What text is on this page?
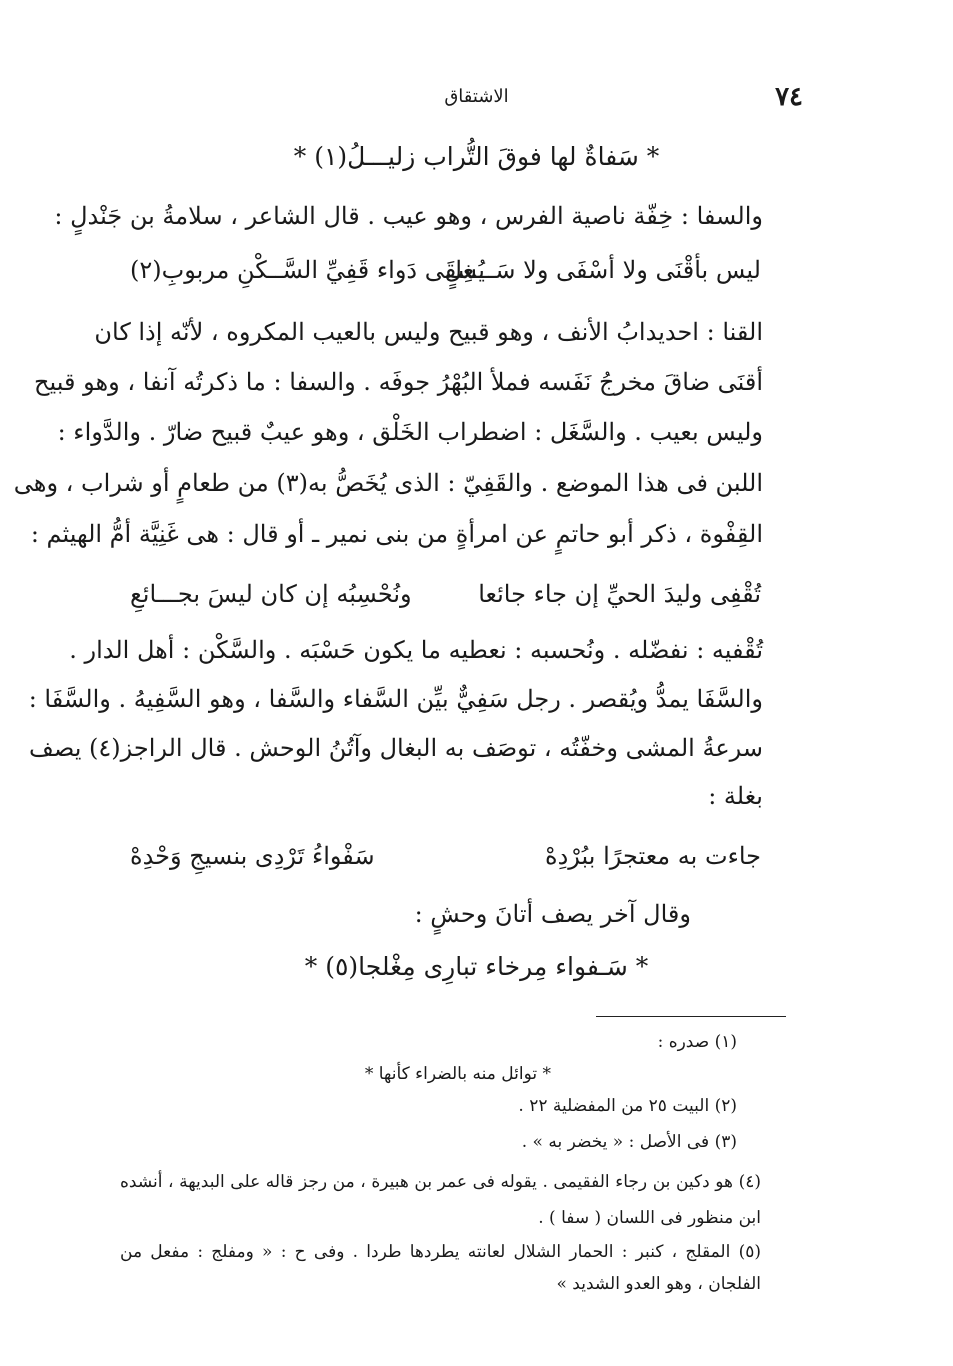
٧٤
الاشتقاق
* سَفاةٌ لها فوقَ التُّراب زليـــلُ(١) *
والسفا : خِفّة ناصية الفرس ، وهو عيب . قال الشاعر ، سلامةُ بن جَنْدلٍ :
ليس بأقْنَى ولا أسْفَى ولا سَـــغِلٍ
يُسقَى دَواء قَفِيِّ السَّــكْنِ مربوبِ(٢)
القنا : احديدابُ الأنف ، وهو قبيح وليس بالعيب المكروه ، لأنّه إذا كان
أقنَى ضاقَ مخرجُ نَفَسه فملأ البُهْرُ جوفَه . والسفا : ما ذكرتُه آنفا ، وهو قبيح
وليس بعيب . والسَّغَل : اضطراب الخَلْق ، وهو عيبٌ قبيح ضارّ . والدَّواء :
اللبن فى هذا الموضع . والقَفِيّ : الذى يُخَصُّ به(٣) من طعامٍ أو شراب ، وهى
القِفْوة ، ذكر أبو حاتمٍ عن امرأةٍ من بنى نمير ـ أو قال : هى غَنِيَّة أمُّ الهيثم :
تُقْفِى وليدَ الحيِّ إن جاء جائعا
ونُحْسِبُه إن كان ليسَ بجـــائعِ
تُقْفيه : نفضّله . ونُحسبه : نعطيه ما يكون حَسْبَه . والسَّكْن : أهل الدار .
والسَّفَا يمدُّ ويُقصر . رجل سَفِيٌّ بيِّن السَّفاء والسَّفا ، وهو السَّفِيهُ . والسَّفَا :
سرعةُ المشى وخفّتُه ، توصَف به البغال وآتُنُ الوحش . قال الراجز(٤) يصف
بغلة :
جاءت به معتجرًا ببُرْدِهْ
سَفْواءُ تَرْدِى بنسيجِ وَحْدِهْ
وقال آخر يصف أتانَ وحشٍ :
* سَـفواء مِرخاء تبارِى مِغْلجا(٥) *
(١) صدره :
* توائل منه بالضراء كأنها *
(٢) البيت ٢٥ من المفضلية ٢٢ .
(٣) فى الأصل : « يخضر به » .
(٤) هو دكين بن رجاء الفقيمى . يقوله فى عمر بن هبيرة ، من رجز قاله على البديهة ، أنشده
ابن منظور فى اللسان ( سفا ) .
(٥) المقلج ، كنبر : الحمار الشلال لعانته يطردها طردا . وفى ح : « ومفلج : مفعل من
الفلجان ، وهو العدو الشديد »
